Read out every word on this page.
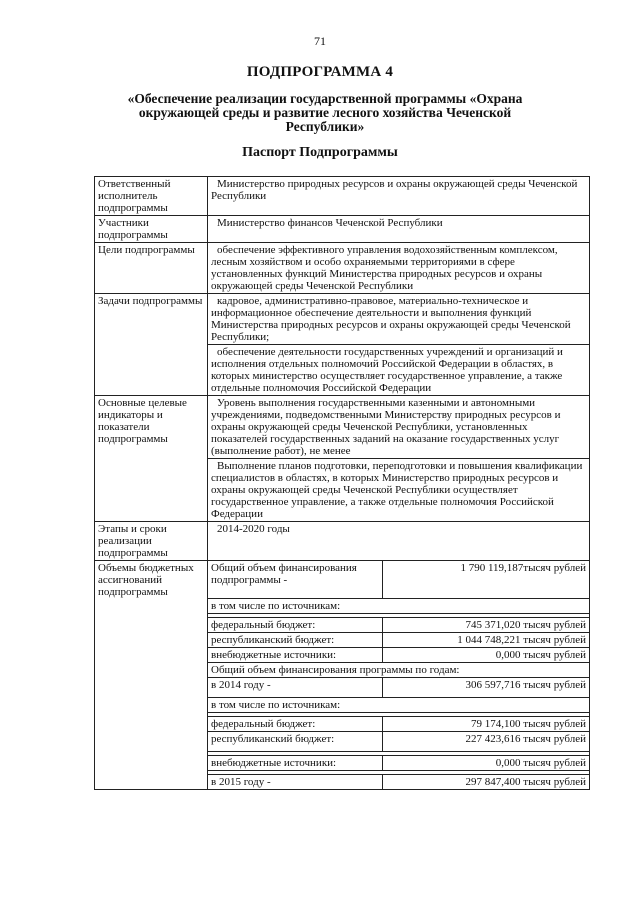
71
ПОДПРОГРАММА 4
«Обеспечение реализации государственной программы «Охрана окружающей среды и развитие лесного хозяйства Чеченской Республики»
Паспорт Подпрограммы
Ответственный исполнитель подпрограммы	Министерство природных ресурсов и охраны окружающей среды Чеченской Республики	
Участники подпрограммы	Министерство финансов Чеченской Республики	
Цели подпрограммы	обеспечение эффективного управления водохозяйственным комплексом, лесным хозяйством и особо охраняемыми территориями в сфере установленных функций Министерства природных ресурсов и охраны окружающей среды Чеченской Республики	
Задачи подпрограммы	кадровое, административно-правовое, материально-техническое и информационное обеспечение деятельности и выполнения функций Министерства природных ресурсов и охраны окружающей среды Чеченской Республики;	
	обеспечение деятельности государственных учреждений и организаций и исполнения отдельных полномочий Российской Федерации в областях, в которых министерство осуществляет государственное управление, а также отдельные полномочия Российской Федерации	
Основные целевые индикаторы и показатели подпрограммы	Уровень выполнения государственными казенными и автономными учреждениями, подведомственными Министерству природных ресурсов и охраны окружающей среды Чеченской Республики, установленных показателей государственных заданий на оказание государственных услуг (выполнение работ), не менее	
	Выполнение планов подготовки, переподготовки и повышения квалификации специалистов в областях, в которых Министерство природных ресурсов и охраны окружающей среды Чеченской Республики осуществляет государственное управление, а также отдельные полномочия Российской Федерации	
Этапы и сроки реализации подпрограммы	2014-2020 годы	
Объемы бюджетных ассигнований подпрограммы	Общий объем финансирования подпрограммы -	1 790 119,187тысяч рублей
	в том числе по источникам:	

	федеральный бюджет:	745 371,020 тысяч рублей
	республиканский бюджет:	1 044 748,221 тысяч рублей
	внебюджетные источники:	0,000 тысяч рублей
	Общий объем финансирования программы по годам:	
	в 2014 году -	306 597,716 тысяч рублей
	в том числе по источникам:	

	федеральный бюджет:	79 174,100 тысяч рублей
	республиканский бюджет:	227 423,616 тысяч рублей

	внебюджетные источники:	0,000 тысяч рублей

	в 2015 году -	297 847,400 тысяч рублей
